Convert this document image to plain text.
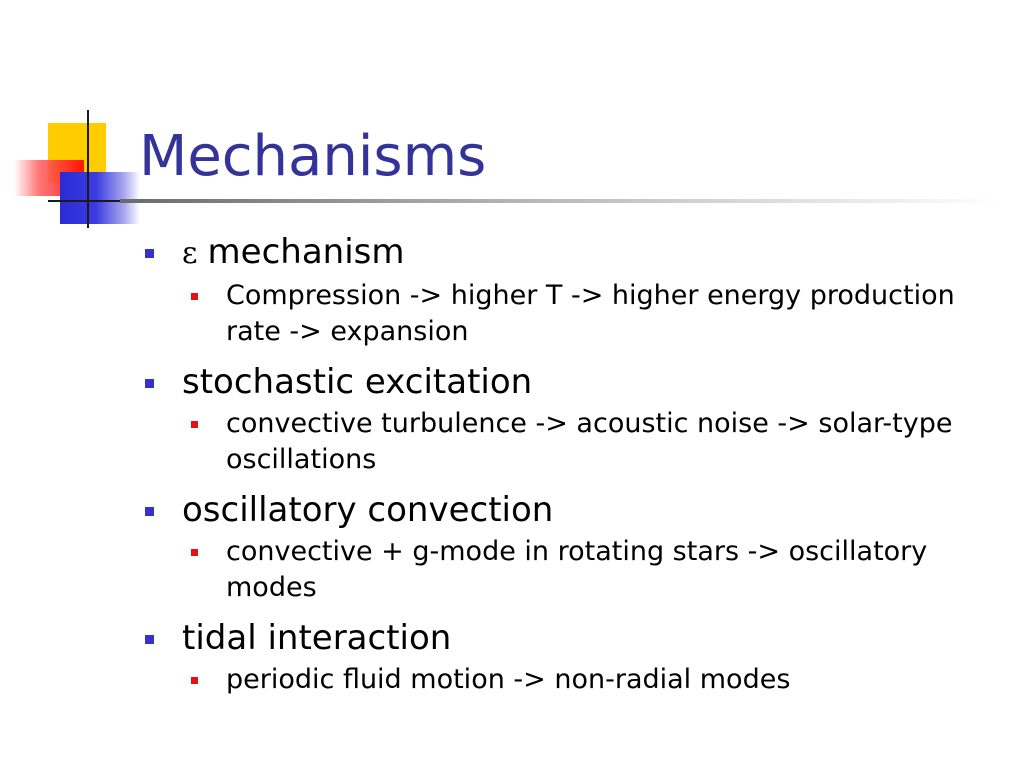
Mechanisms
ε mechanism
Compression -> higher T -> higher energy production rate -> expansion
stochastic excitation
convective turbulence -> acoustic noise -> solar-type oscillations
oscillatory convection
convective + g-mode in rotating stars -> oscillatory modes
tidal interaction
periodic fluid motion -> non-radial modes
